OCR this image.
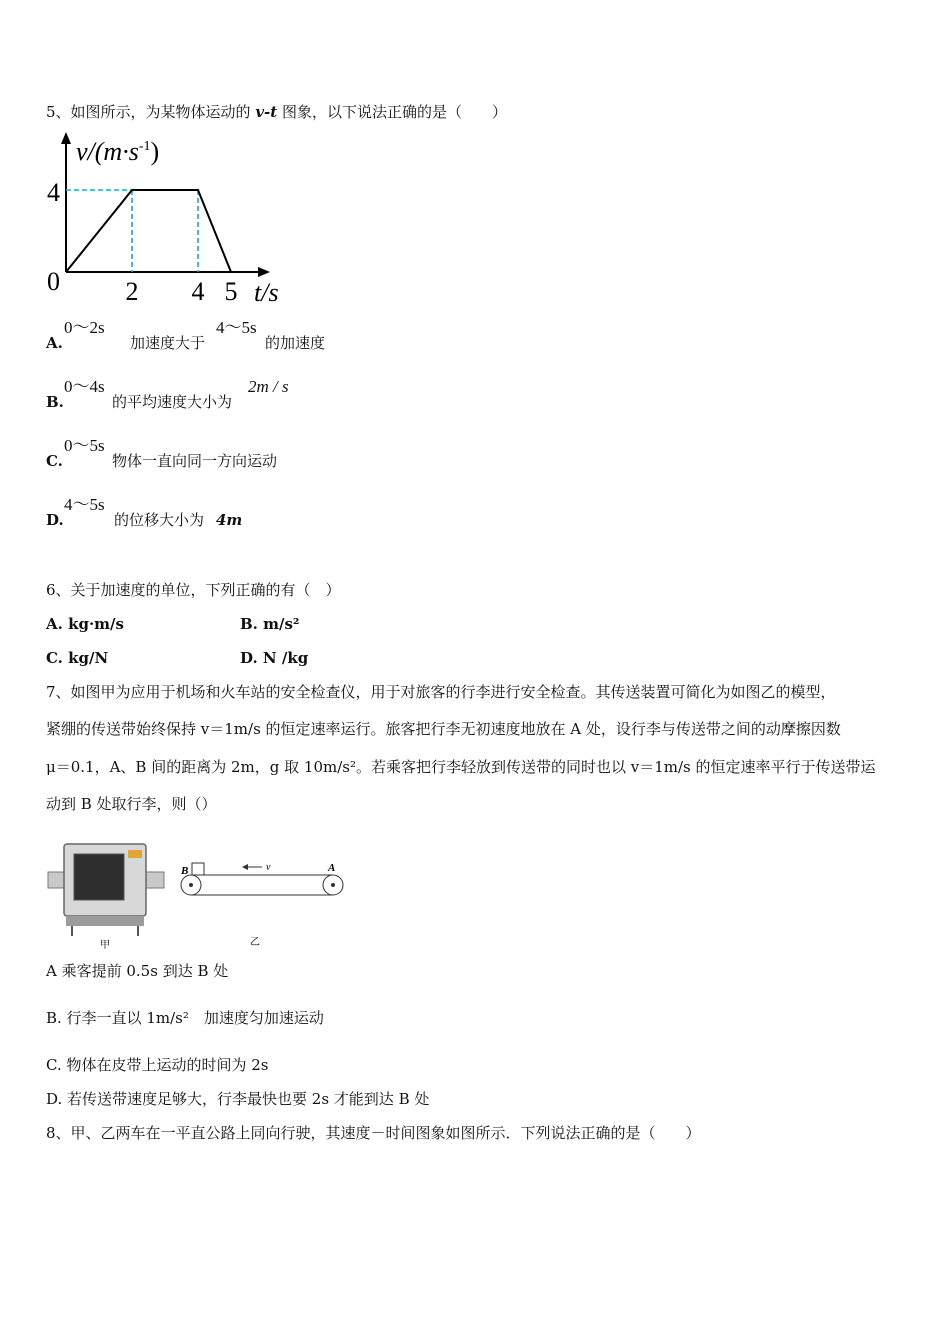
5、如图所示，为某物体运动的 v-t 图象，以下说法正确的是（　　）
$v/(m\cdot s^{-1})$
4
0	2 4 5 t/s
A.
0～2s
加速度大于
4～5s
的加速度
B.
0～4s
的平均速度大小为
2m / s
C.
0～5s
物体一直向同一方向运动
D.
4～5s
的位移大小为 4m
6、关于加速度的单位，下列正确的有（　）
A. kg·m/s	B. m/s²
C. kg/N	D. N /kg
7、如图甲为应用于机场和火车站的安全检查仪，用于对旅客的行李进行安全检查。其传送装置可简化为如图乙的模型，
紧绷的传送带始终保持 v＝1m/s 的恒定速率运行。旅客把行李无初速度地放在 A 处，设行李与传送带之间的动摩擦因数
μ＝0.1，A、B 间的距离为 2m，g 取 10m/s²。若乘客把行李轻放到传送带的同时也以 v＝1m/s 的恒定速率平行于传送带运
动到 B 处取行李，则（）
甲
B	A
v
乙
A 乘客提前 0.5s 到达 B 处
B. 行李一直以 1m/s²　加速度匀加速运动
C. 物体在皮带上运动的时间为 2s
D. 若传送带速度足够大，行李最快也要 2s 才能到达 B 处
8、甲、乙两车在一平直公路上同向行驶，其速度－时间图象如图所示．下列说法正确的是（　　）
